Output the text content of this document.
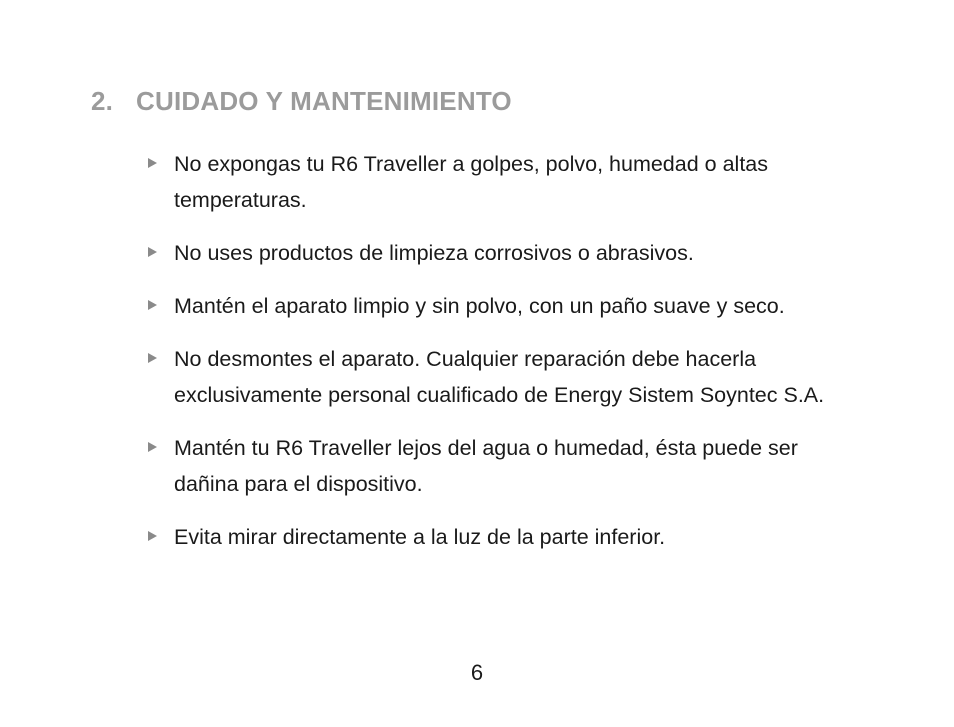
2. CUIDADO Y MANTENIMIENTO
No expongas tu R6 Traveller a golpes, polvo, humedad o altas temperaturas.
No uses productos de limpieza corrosivos o abrasivos.
Mantén el aparato limpio y sin polvo, con un paño suave y seco.
No desmontes el aparato. Cualquier reparación debe hacerla exclusivamente personal cualificado de Energy Sistem Soyntec S.A.
Mantén tu R6 Traveller lejos del agua o humedad, ésta puede ser dañina para el dispositivo.
Evita mirar directamente a la luz de la parte inferior.
6
